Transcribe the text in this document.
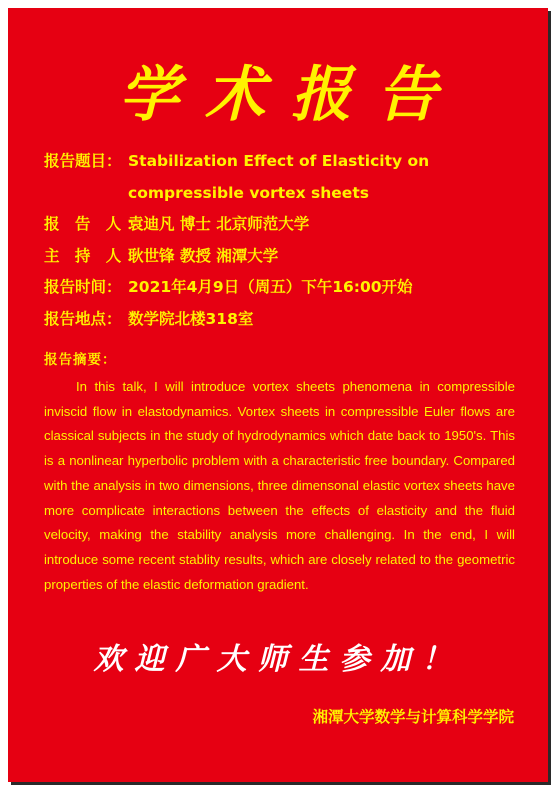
学术报告
报告题目： Stabilization Effect of Elasticity on compressible vortex sheets
报 告 人：
袁迪凡 博士 北京师范大学
主 持 人：
耿世锋 教授 湘潭大学
报告时间： 2021年4月9日（周五）下午16:00开始
报告地点： 数学院北楼318室
报告摘要：
In this talk, I will introduce vortex sheets phenomena in compressible inviscid flow in elastodynamics. Vortex sheets in compressible Euler flows are classical subjects in the study of hydrodynamics which date back to 1950's. This is a nonlinear hyperbolic problem with a characteristic free boundary. Compared with the analysis in two dimensions, three dimensonal elastic vortex sheets have more complicate interactions between the effects of elasticity and the fluid velocity, making the stability analysis more challenging. In the end, I will introduce some recent stablity results, which are closely related to the geometric properties of the elastic deformation gradient.
欢迎广大师生参加！
湘潭大学数学与计算科学学院
